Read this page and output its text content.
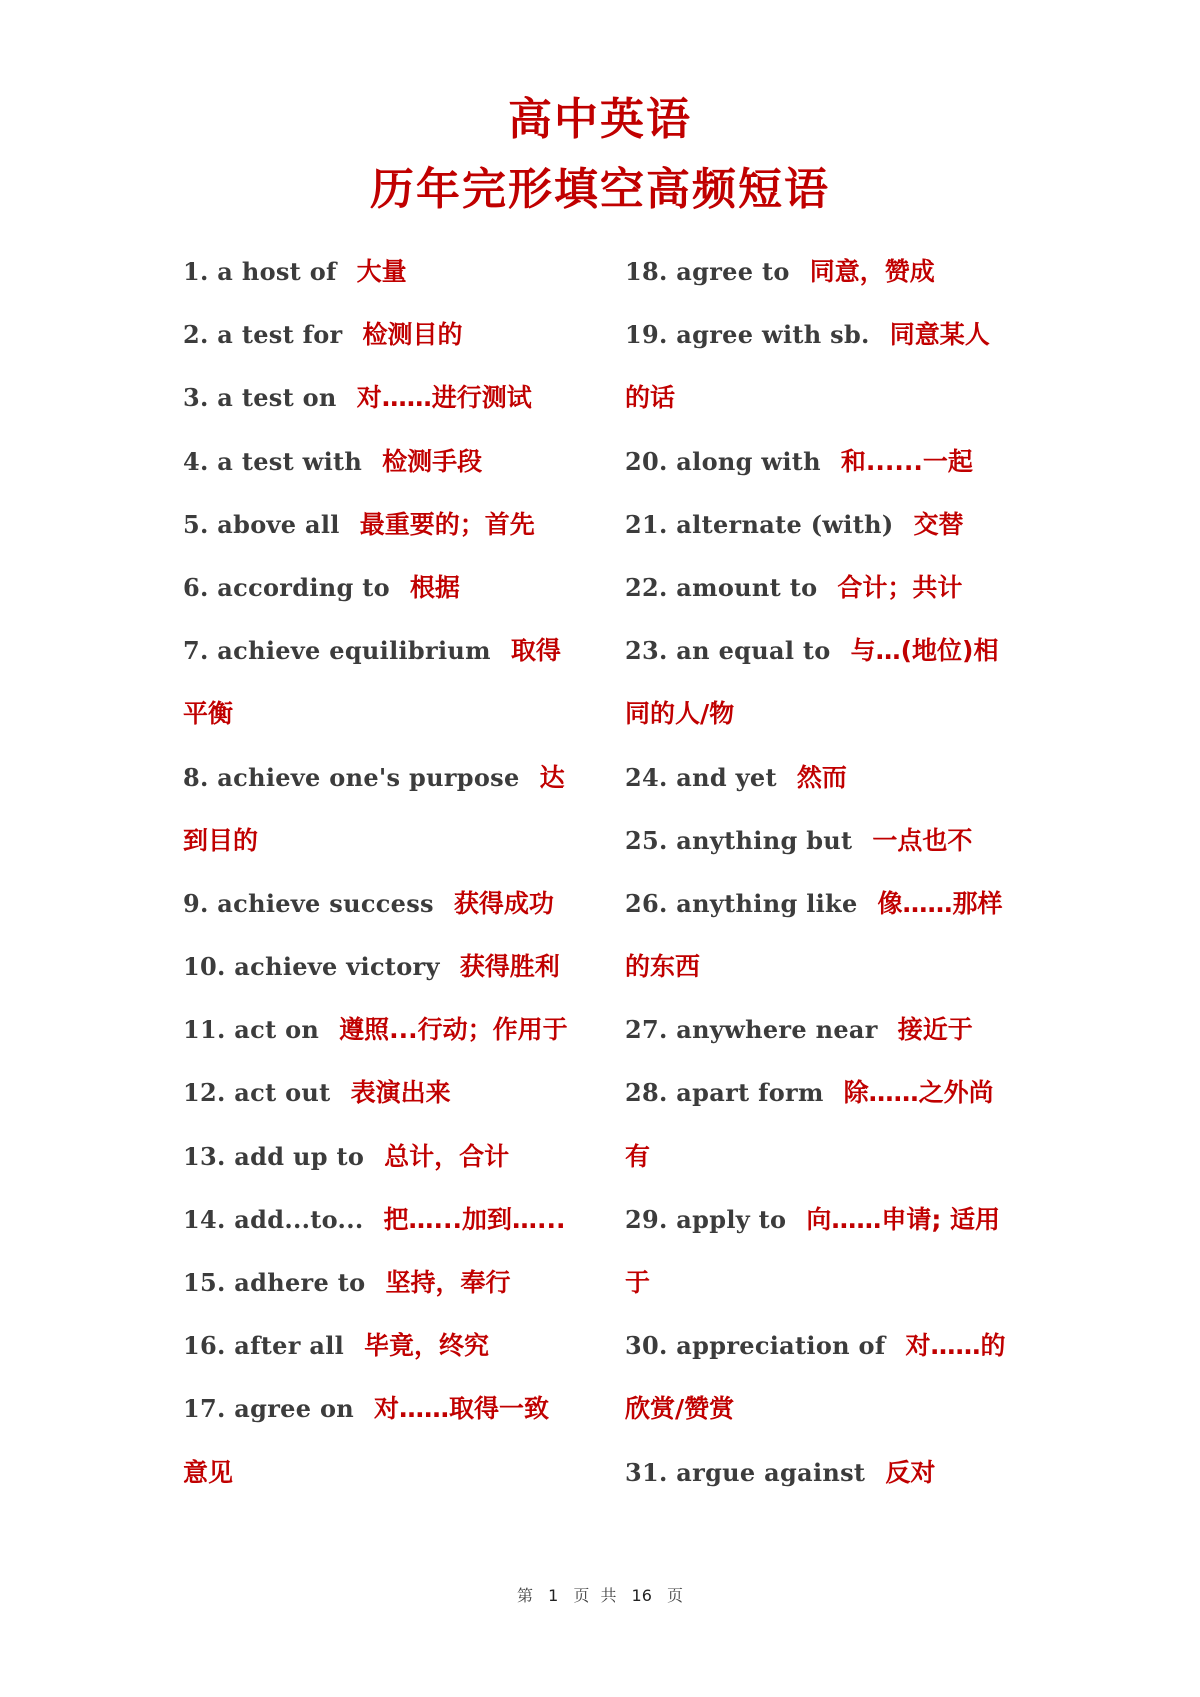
高中英语
历年完形填空高频短语
1. a host of 大量
2. a test for 检测目的
3. a test on 对……进行测试
4. a test with 检测手段
5. above all 最重要的；首先
6. according to 根据
7. achieve equilibrium 取得
平衡
8. achieve one's purpose 达
到目的
9. achieve success 获得成功
10. achieve victory 获得胜利
11. act on 遵照...行动；作用于
12. act out 表演出来
13. add up to 总计，合计
14. add...to... 把…...加到…...
15. adhere to 坚持，奉行
16. after all 毕竟，终究
17. agree on 对……取得一致
意见
18. agree to 同意，赞成
19. agree with sb. 同意某人
的话
20. along with 和......一起
21. alternate (with) 交替
22. amount to 合计；共计
23. an equal to 与…(地位)相
同的人/物
24. and yet 然而
25. anything but 一点也不
26. anything like 像……那样
的东西
27. anywhere near 接近于
28. apart form 除……之外尚
有
29. apply to 向……申请; 适用
于
30. appreciation of 对……的
欣赏/赞赏
31. argue against 反对
第 1 页 共 16 页
